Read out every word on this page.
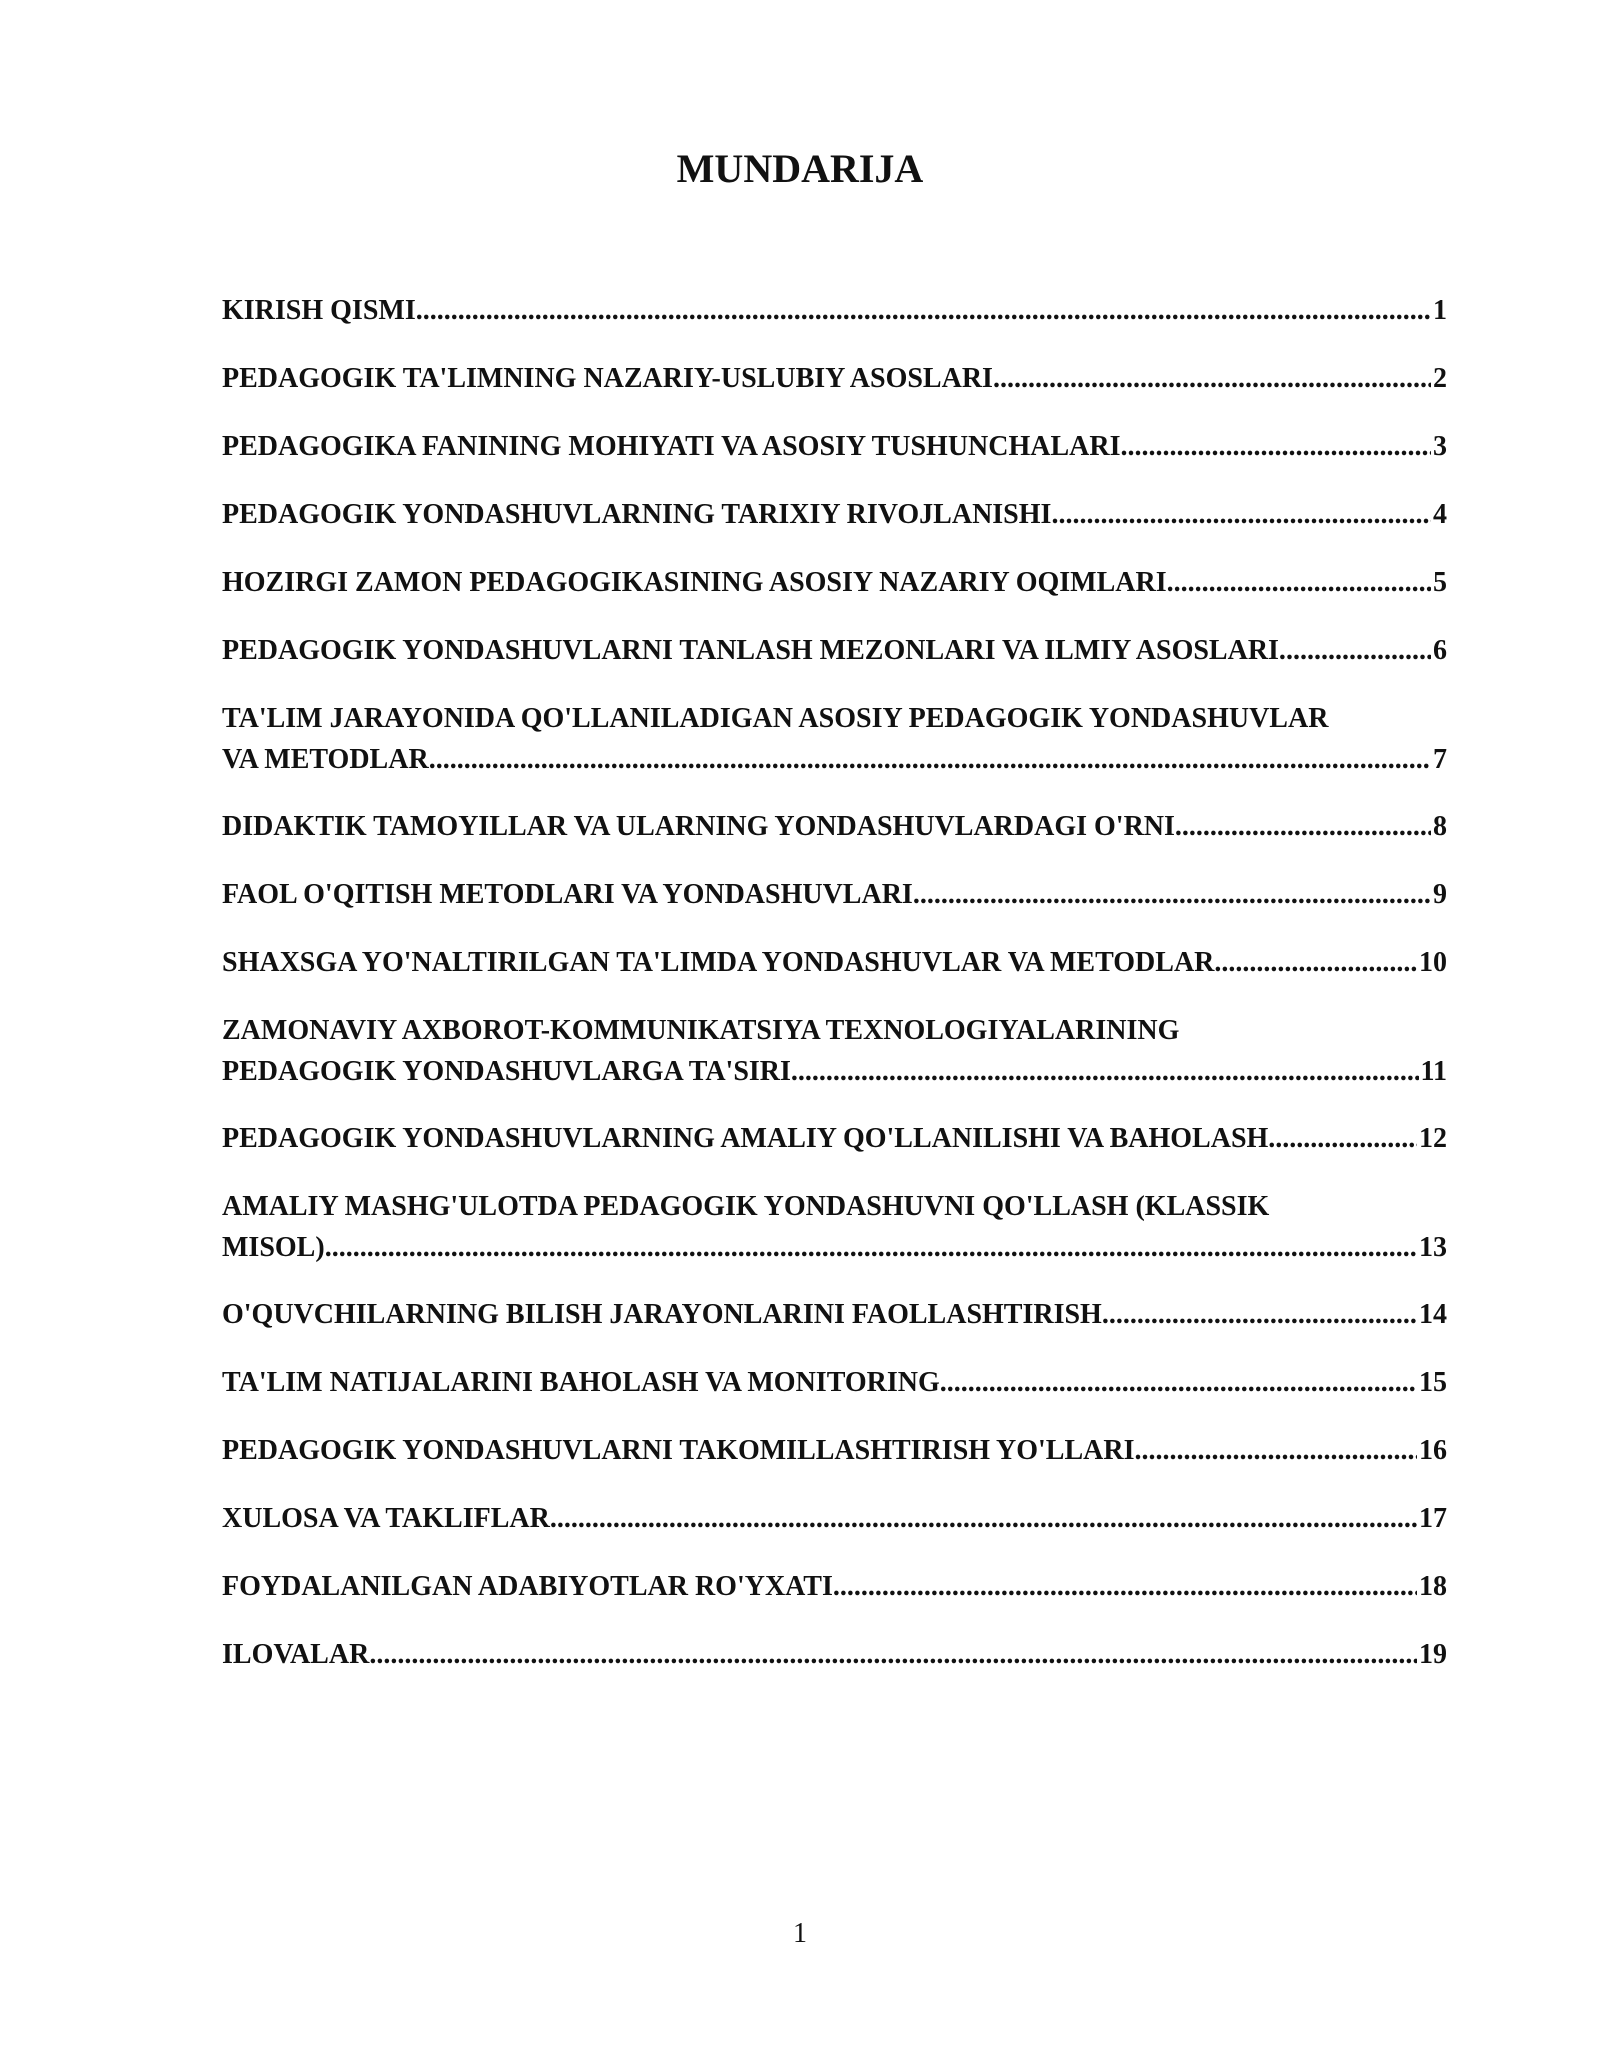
MUNDARIJA
KIRISH QISMI .....	1
PEDAGOGIK TA'LIMNING NAZARIY-USLUBIY ASOSLARI .....	2
PEDAGOGIKA FANINING MOHIYATI VA ASOSIY TUSHUNCHALARI .....	3
PEDAGOGIK YONDASHUVLARNING TARIXIY RIVOJLANISHI .....	4
HOZIRGI ZAMON PEDAGOGIKASINING ASOSIY NAZARIY OQIMLARI .....	5
PEDAGOGIK YONDASHUVLARNI TANLASH MEZONLARI VA ILMIY ASOSLARI. .....	6
TA'LIM JARAYONIDA QO'LLANILADIGAN ASOSIY PEDAGOGIK YONDASHUVLAR
VA METODLAR .....	7
DIDAKTIK TAMOYILLAR VA ULARNING YONDASHUVLARDAGI O'RNI .....	8
FAOL O'QITISH METODLARI VA YONDASHUVLARI .....	9
SHAXSGA YO'NALTIRILGAN TA'LIMDA YONDASHUVLAR VA METODLAR .....	10
ZAMONAVIY AXBOROT-KOMMUNIKATSIYA TEXNOLOGIYALARINING
PEDAGOGIK YONDASHUVLARGA TA'SIRI .....	11
PEDAGOGIK YONDASHUVLARNING AMALIY QO'LLANILISHI VA BAHOLASH. .....	12
AMALIY MASHG'ULOTDA PEDAGOGIK YONDASHUVNI QO'LLASH (KLASSIK
MISOL) .....	13
O'QUVCHILARNING BILISH JARAYONLARINI FAOLLASHTIRISH .....	14
TA'LIM NATIJALARINI BAHOLASH VA MONITORING .....	15
PEDAGOGIK YONDASHUVLARNI TAKOMILLASHTIRISH YO'LLARI .....	16
XULOSA VA TAKLIFLAR .....	17
FOYDALANILGAN ADABIYOTLAR RO'YXATI .....	18
ILOVALAR .....	19
1
